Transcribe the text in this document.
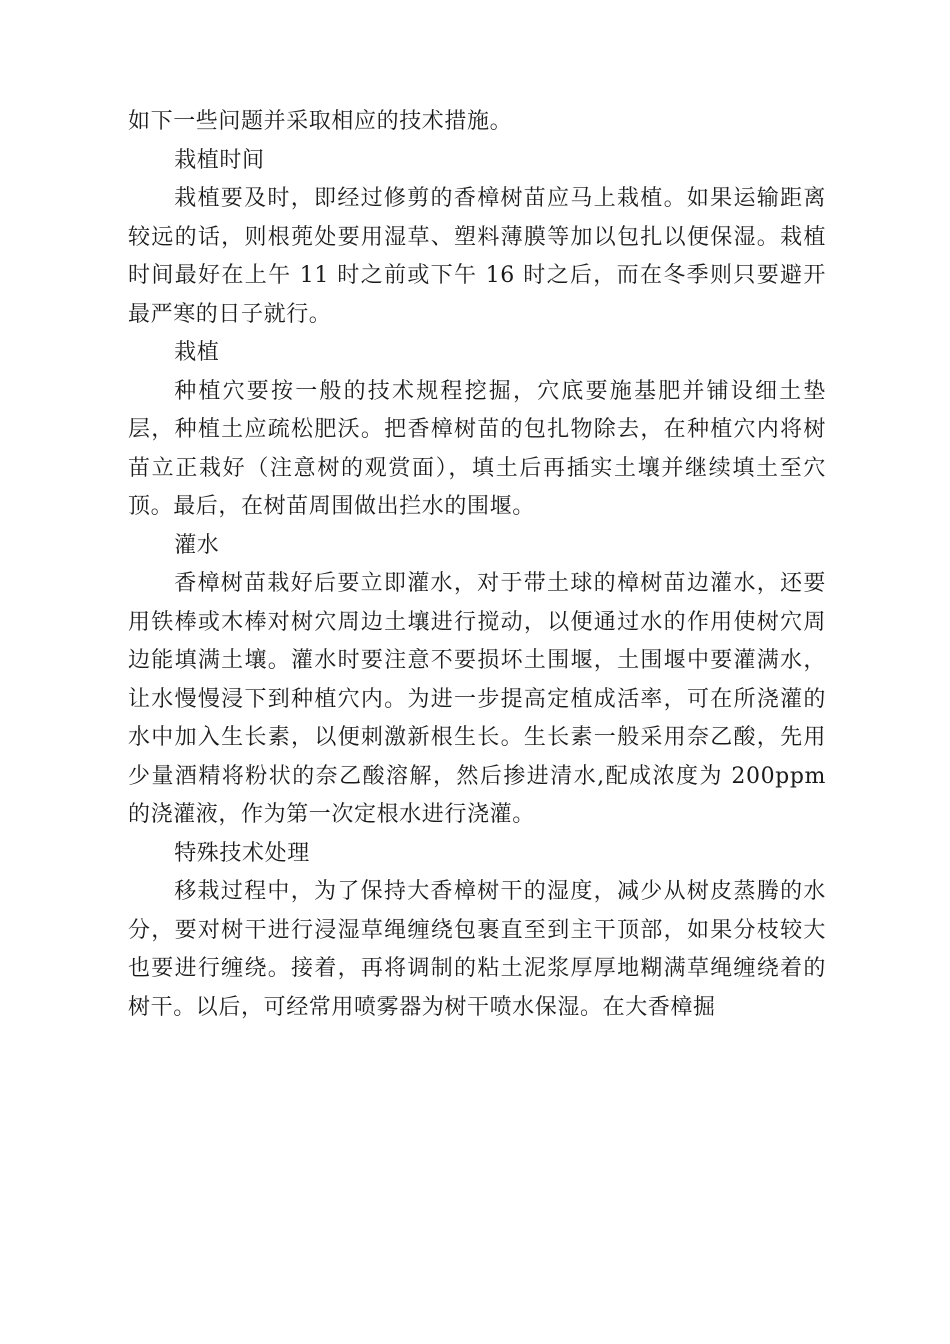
如下一些问题并采取相应的技术措施。

栽植时间

栽植要及时，即经过修剪的香樟树苗应马上栽植。如果运输距离较远的话，则根蔸处要用湿草、塑料薄膜等加以包扎以便保湿。栽植时间最好在上午 11 时之前或下午 16 时之后，而在冬季则只要避开最严寒的日子就行。

栽植

种植穴要按一般的技术规程挖掘，穴底要施基肥并铺设细土垫层，种植土应疏松肥沃。把香樟树苗的包扎物除去，在种植穴内将树苗立正栽好（注意树的观赏面），填土后再插实土壤并继续填土至穴顶。最后，在树苗周围做出拦水的围堰。

灌水

香樟树苗栽好后要立即灌水，对于带土球的樟树苗边灌水，还要用铁棒或木棒对树穴周边土壤进行搅动，以便通过水的作用使树穴周边能填满土壤。灌水时要注意不要损坏土围堰，土围堰中要灌满水，让水慢慢浸下到种植穴内。为进一步提高定植成活率，可在所浇灌的水中加入生长素，以便刺激新根生长。生长素一般采用奈乙酸，先用少量酒精将粉状的奈乙酸溶解，然后掺进清水,配成浓度为 200ppm 的浇灌液，作为第一次定根水进行浇灌。

特殊技术处理

移栽过程中，为了保持大香樟树干的湿度，减少从树皮蒸腾的水分，要对树干进行浸湿草绳缠绕包裹直至到主干顶部，如果分枝较大也要进行缠绕。接着，再将调制的粘土泥浆厚厚地糊满草绳缠绕着的树干。以后，可经常用喷雾器为树干喷水保湿。在大香樟掘
